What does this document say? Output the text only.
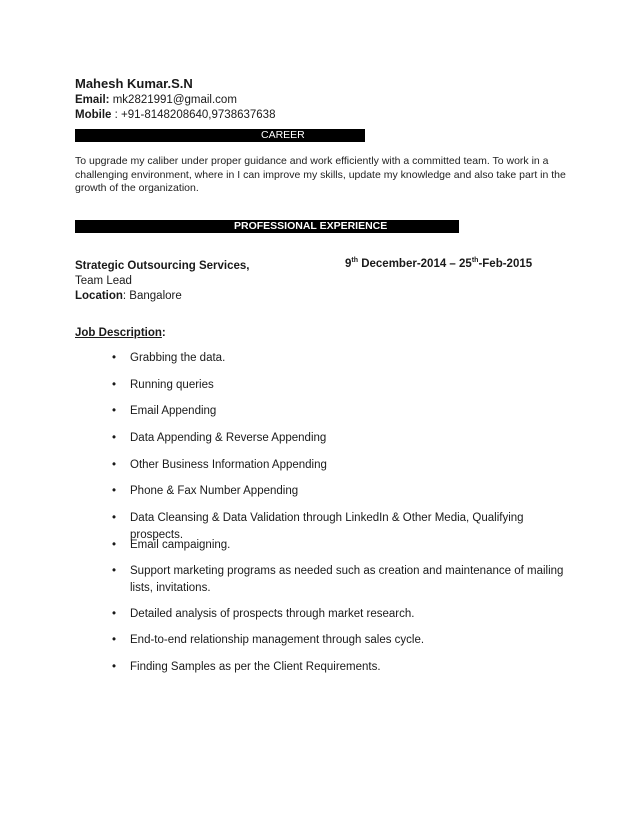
Mahesh Kumar.S.N
Email: mk2821991@gmail.com
Mobile : +91-8148208640,9738637638
CAREER OBJECTIVE
To upgrade my caliber under proper guidance and work efficiently with a committed team. To work in a challenging environment, where in I can improve my skills, update my knowledge and also take part in the growth of the organization.
PROFESSIONAL EXPERIENCE
Strategic Outsourcing Services,
Team Lead
Location: Bangalore
9th December-2014 – 25th-Feb-2015
Job Description:
• Grabbing the data.
• Running queries
• Email Appending
• Data Appending & Reverse Appending
• Other Business Information Appending
• Phone & Fax Number Appending
• Data Cleansing & Data Validation through LinkedIn & Other Media, Qualifying prospects.
• Email campaigning.
• Support marketing programs as needed such as creation and maintenance of mailing lists, invitations.
• Detailed analysis of prospects through market research.
• End-to-end relationship management through sales cycle.
• Finding Samples as per the Client Requirements.
